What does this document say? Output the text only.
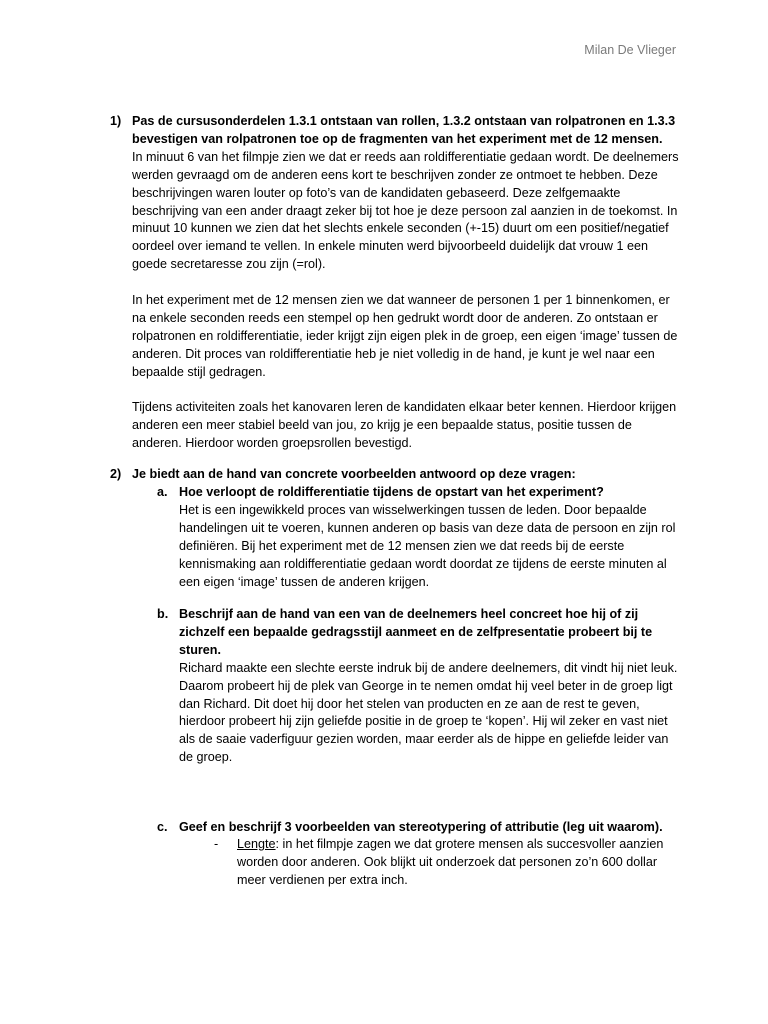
Milan De Vlieger
1) Pas de cursusonderdelen 1.3.1 ontstaan van rollen, 1.3.2 ontstaan van rolpatronen en 1.3.3 bevestigen van rolpatronen toe op de fragmenten van het experiment met de 12 mensen.

In minuut 6 van het filmpje zien we dat er reeds aan roldifferentiatie gedaan wordt. De deelnemers werden gevraagd om de anderen eens kort te beschrijven zonder ze ontmoet te hebben. Deze beschrijvingen waren louter op foto’s van de kandidaten gebaseerd. Deze zelfgemaakte beschrijving van een ander draagt zeker bij tot hoe je deze persoon zal aanzien in de toekomst. In minuut 10 kunnen we zien dat het slechts enkele seconden (+-15) duurt om een positief/negatief oordeel over iemand te vellen. In enkele minuten werd bijvoorbeeld duidelijk dat vrouw 1 een goede secretaresse zou zijn (=rol).

In het experiment met de 12 mensen zien we dat wanneer de personen 1 per 1 binnenkomen, er na enkele seconden reeds een stempel op hen gedrukt wordt door de anderen. Zo ontstaan er rolpatronen en roldifferentiatie, ieder krijgt zijn eigen plek in de groep, een eigen ‘image’ tussen de anderen. Dit proces van roldifferentiatie heb je niet volledig in de hand, je kunt je wel naar een bepaalde stijl gedragen.

Tijdens activiteiten zoals het kanovaren leren de kandidaten elkaar beter kennen. Hierdoor krijgen anderen een meer stabiel beeld van jou, zo krijg je een bepaalde status, positie tussen de anderen. Hierdoor worden groepsrollen bevestigd.

2) Je biedt aan de hand van concrete voorbeelden antwoord op deze vragen:
a. Hoe verloopt de roldifferentiatie tijdens de opstart van het experiment?

Het is een ingewikkeld proces van wisselwerkingen tussen de leden. Door bepaalde handelingen uit te voeren, kunnen anderen op basis van deze data de persoon en zijn rol definiëren. Bij het experiment met de 12 mensen zien we dat reeds bij de eerste kennismaking aan roldifferentiatie gedaan wordt doordat ze tijdens de eerste minuten al een eigen ‘image’ tussen de anderen krijgen.

b. Beschrijf aan de hand van een van de deelnemers heel concreet hoe hij of zij zichzelf een bepaalde gedragsstijl aanmeet en de zelfpresentatie probeert bij te sturen.

Richard maakte een slechte eerste indruk bij de andere deelnemers, dit vindt hij niet leuk. Daarom probeert hij de plek van George in te nemen omdat hij veel beter in de groep ligt dan Richard. Dit doet hij door het stelen van producten en ze aan de rest te geven, hierdoor probeert hij zijn geliefde positie in de groep te ‘kopen’. Hij wil zeker en vast niet als de saaie vaderfiguur gezien worden, maar eerder als de hippe en geliefde leider van de groep.

c. Geef en beschrijf 3 voorbeelden van stereotypering of attributie (leg uit waarom).
- Lengte: in het filmpje zagen we dat grotere mensen als succesvoller aanzien worden door anderen. Ook blijkt uit onderzoek dat personen zo’n 600 dollar meer verdienen per extra inch.
